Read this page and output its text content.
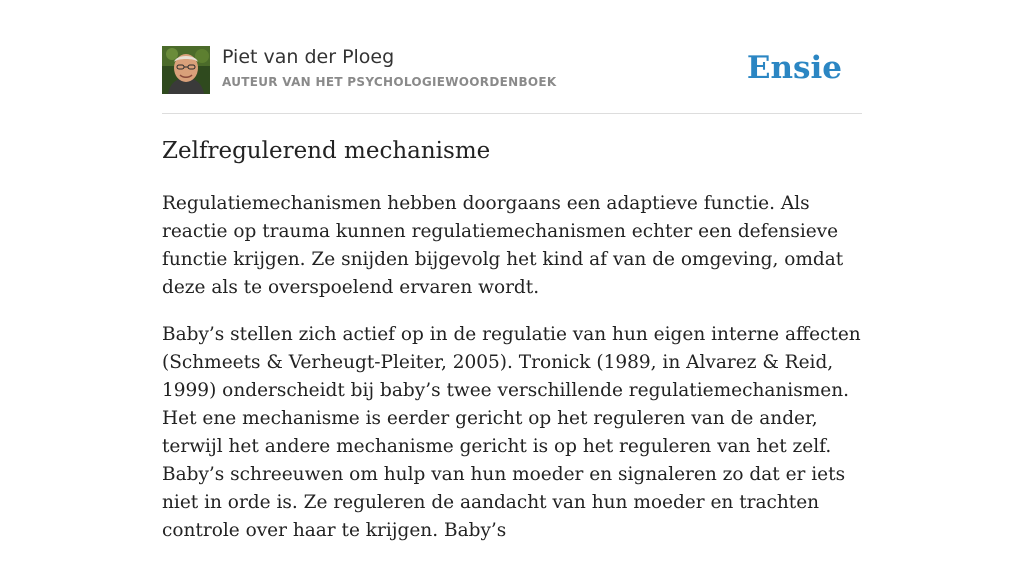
Piet van der Ploeg
AUTEUR VAN HET PSYCHOLOGIEWOORDENBOEK	Ensie
Zelfregulerend mechanisme

Regulatiemechanismen hebben doorgaans een adaptieve functie. Als reactie op trauma kunnen regulatiemechanismen echter een defensieve functie krijgen. Ze snijden bijgevolg het kind af van de omgeving, omdat deze als te overspoelend ervaren wordt.

Baby’s stellen zich actief op in de regulatie van hun eigen interne affecten (Schmeets & Verheugt-Pleiter, 2005). Tronick (1989, in Alvarez & Reid, 1999) onderscheidt bij baby’s twee verschillende regulatiemechanismen. Het ene mechanisme is eerder gericht op het reguleren van de ander, terwijl het andere mechanisme gericht is op het reguleren van het zelf. Baby’s schreeuwen om hulp van hun moeder en signaleren zo dat er iets niet in orde is. Ze reguleren de aandacht van hun moeder en trachten controle over haar te krijgen. Baby’s
